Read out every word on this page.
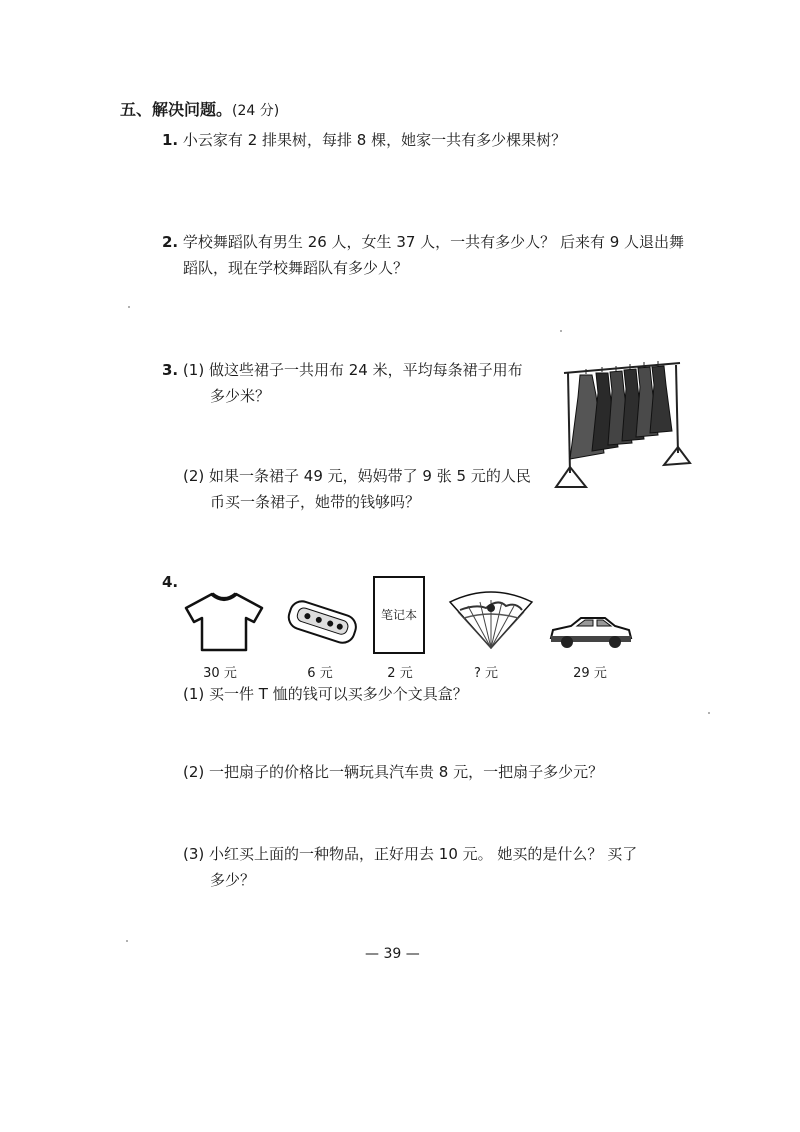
五、解决问题。(24 分)
1. 小云家有 2 排果树，每排 8 棵，她家一共有多少棵果树？
2. 学校舞蹈队有男生 26 人，女生 37 人，一共有多少人？ 后来有 9 人退出舞
蹈队，现在学校舞蹈队有多少人？
3. (1) 做这些裙子一共用布 24 米，平均每条裙子用布
多少米？
(2) 如果一条裙子 49 元，妈妈带了 9 张 5 元的人民
币买一条裙子，她带的钱够吗？
4.
笔记本
30 元	6 元	2 元	? 元	29 元
(1) 买一件 T 恤的钱可以买多少个文具盒？
(2) 一把扇子的价格比一辆玩具汽车贵 8 元，一把扇子多少元？
(3) 小红买上面的一种物品，正好用去 10 元。 她买的是什么？ 买了
多少？
— 39 —
